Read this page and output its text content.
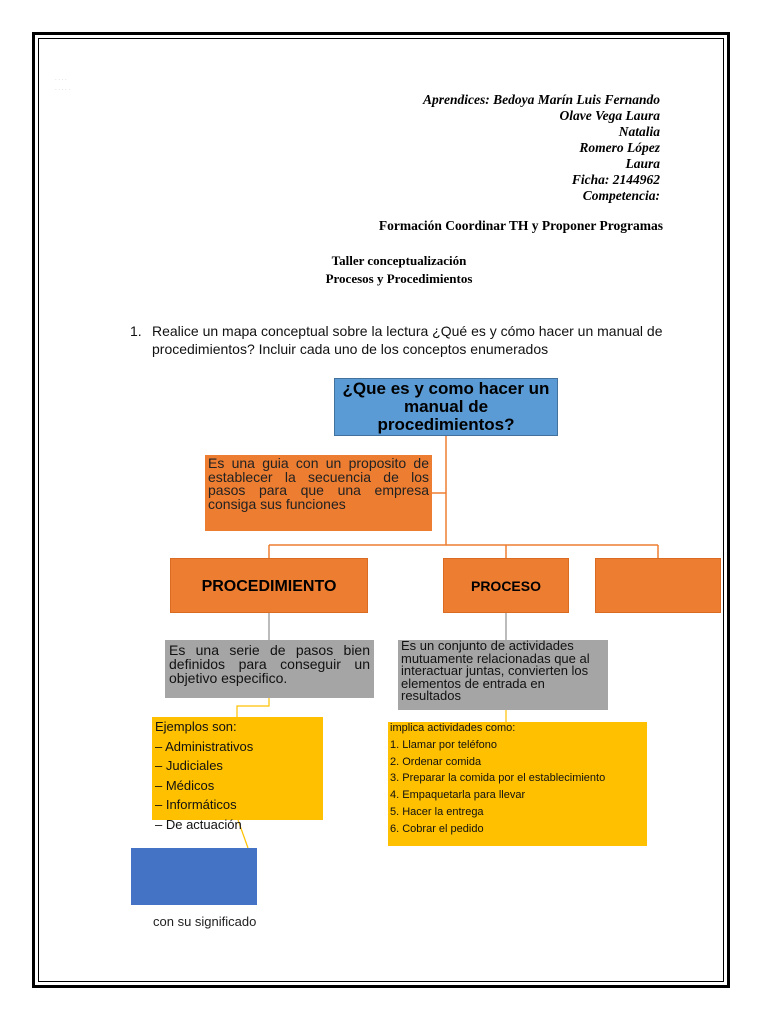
. . . .
. . . . .
Aprendices: Bedoya Marín Luis Fernando
Olave Vega Laura
Natalia
Romero López
Laura
Ficha: 2144962
Competencia:
Formación Coordinar TH y Proponer Programas
Taller conceptualización
Procesos y Procedimientos
1. Realice un mapa conceptual sobre la lectura ¿Qué es y cómo hacer un manual de procedimientos? Incluir cada uno de los conceptos enumerados
¿Que es y como hacer un manual de procedimientos?
Es una guia con un proposito de establecer la secuencia de los pasos para que una empresa consiga sus funciones
PROCEDIMIENTO	PROCESO
Es una serie de pasos bien definidos para conseguir un objetivo especifico.
Es un conjunto de actividades mutuamente relacionadas que al interactuar juntas, convierten los elementos de entrada en resultados
Ejemplos son:
– Administrativos
– Judiciales
– Médicos
– Informáticos
– De actuación
implica actividades como:
1. Llamar por teléfono
2. Ordenar comida
3. Preparar la comida por el establecimiento
4. Empaquetarla para llevar
5. Hacer la entrega
6. Cobrar el pedido
con su significado
